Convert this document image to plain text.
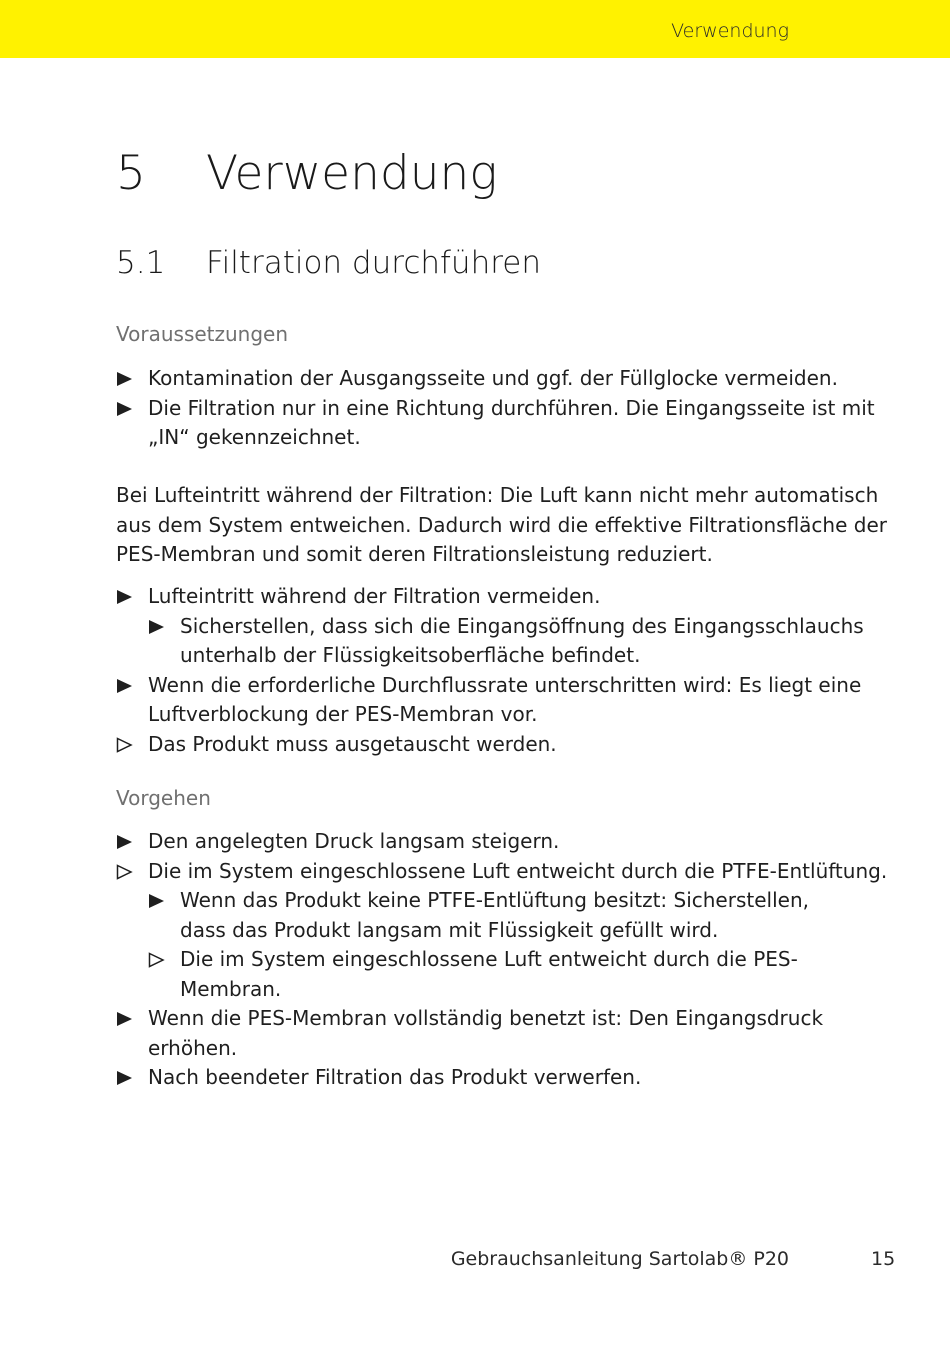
Verwendung
5 Verwendung
5.1 Filtration durchführen
Voraussetzungen
Kontamination der Ausgangsseite und ggf. der Füllglocke vermeiden.
Die Filtration nur in eine Richtung durchführen. Die Eingangsseite ist mit „IN“ gekennzeichnet.
Bei Lufteintritt während der Filtration: Die Luft kann nicht mehr automatisch aus dem System entweichen. Dadurch wird die effektive Filtrationsfläche der PES-Membran und somit deren Filtrationsleistung reduziert.
Lufteintritt während der Filtration vermeiden.
Sicherstellen, dass sich die Eingangsöffnung des Eingangsschlauchs unterhalb der Flüssigkeitsoberfläche befindet.
Wenn die erforderliche Durchflussrate unterschritten wird: Es liegt eine Luftverblockung der PES-Membran vor.
Das Produkt muss ausgetauscht werden.
Vorgehen
Den angelegten Druck langsam steigern.
Die im System eingeschlossene Luft entweicht durch die PTFE-Entlüftung.
Wenn das Produkt keine PTFE-Entlüftung besitzt: Sicherstellen, dass das Produkt langsam mit Flüssigkeit gefüllt wird.
Die im System eingeschlossene Luft entweicht durch die PES-Membran.
Wenn die PES-Membran vollständig benetzt ist: Den Eingangsdruck erhöhen.
Nach beendeter Filtration das Produkt verwerfen.
Gebrauchsanleitung Sartolab® P20	15
